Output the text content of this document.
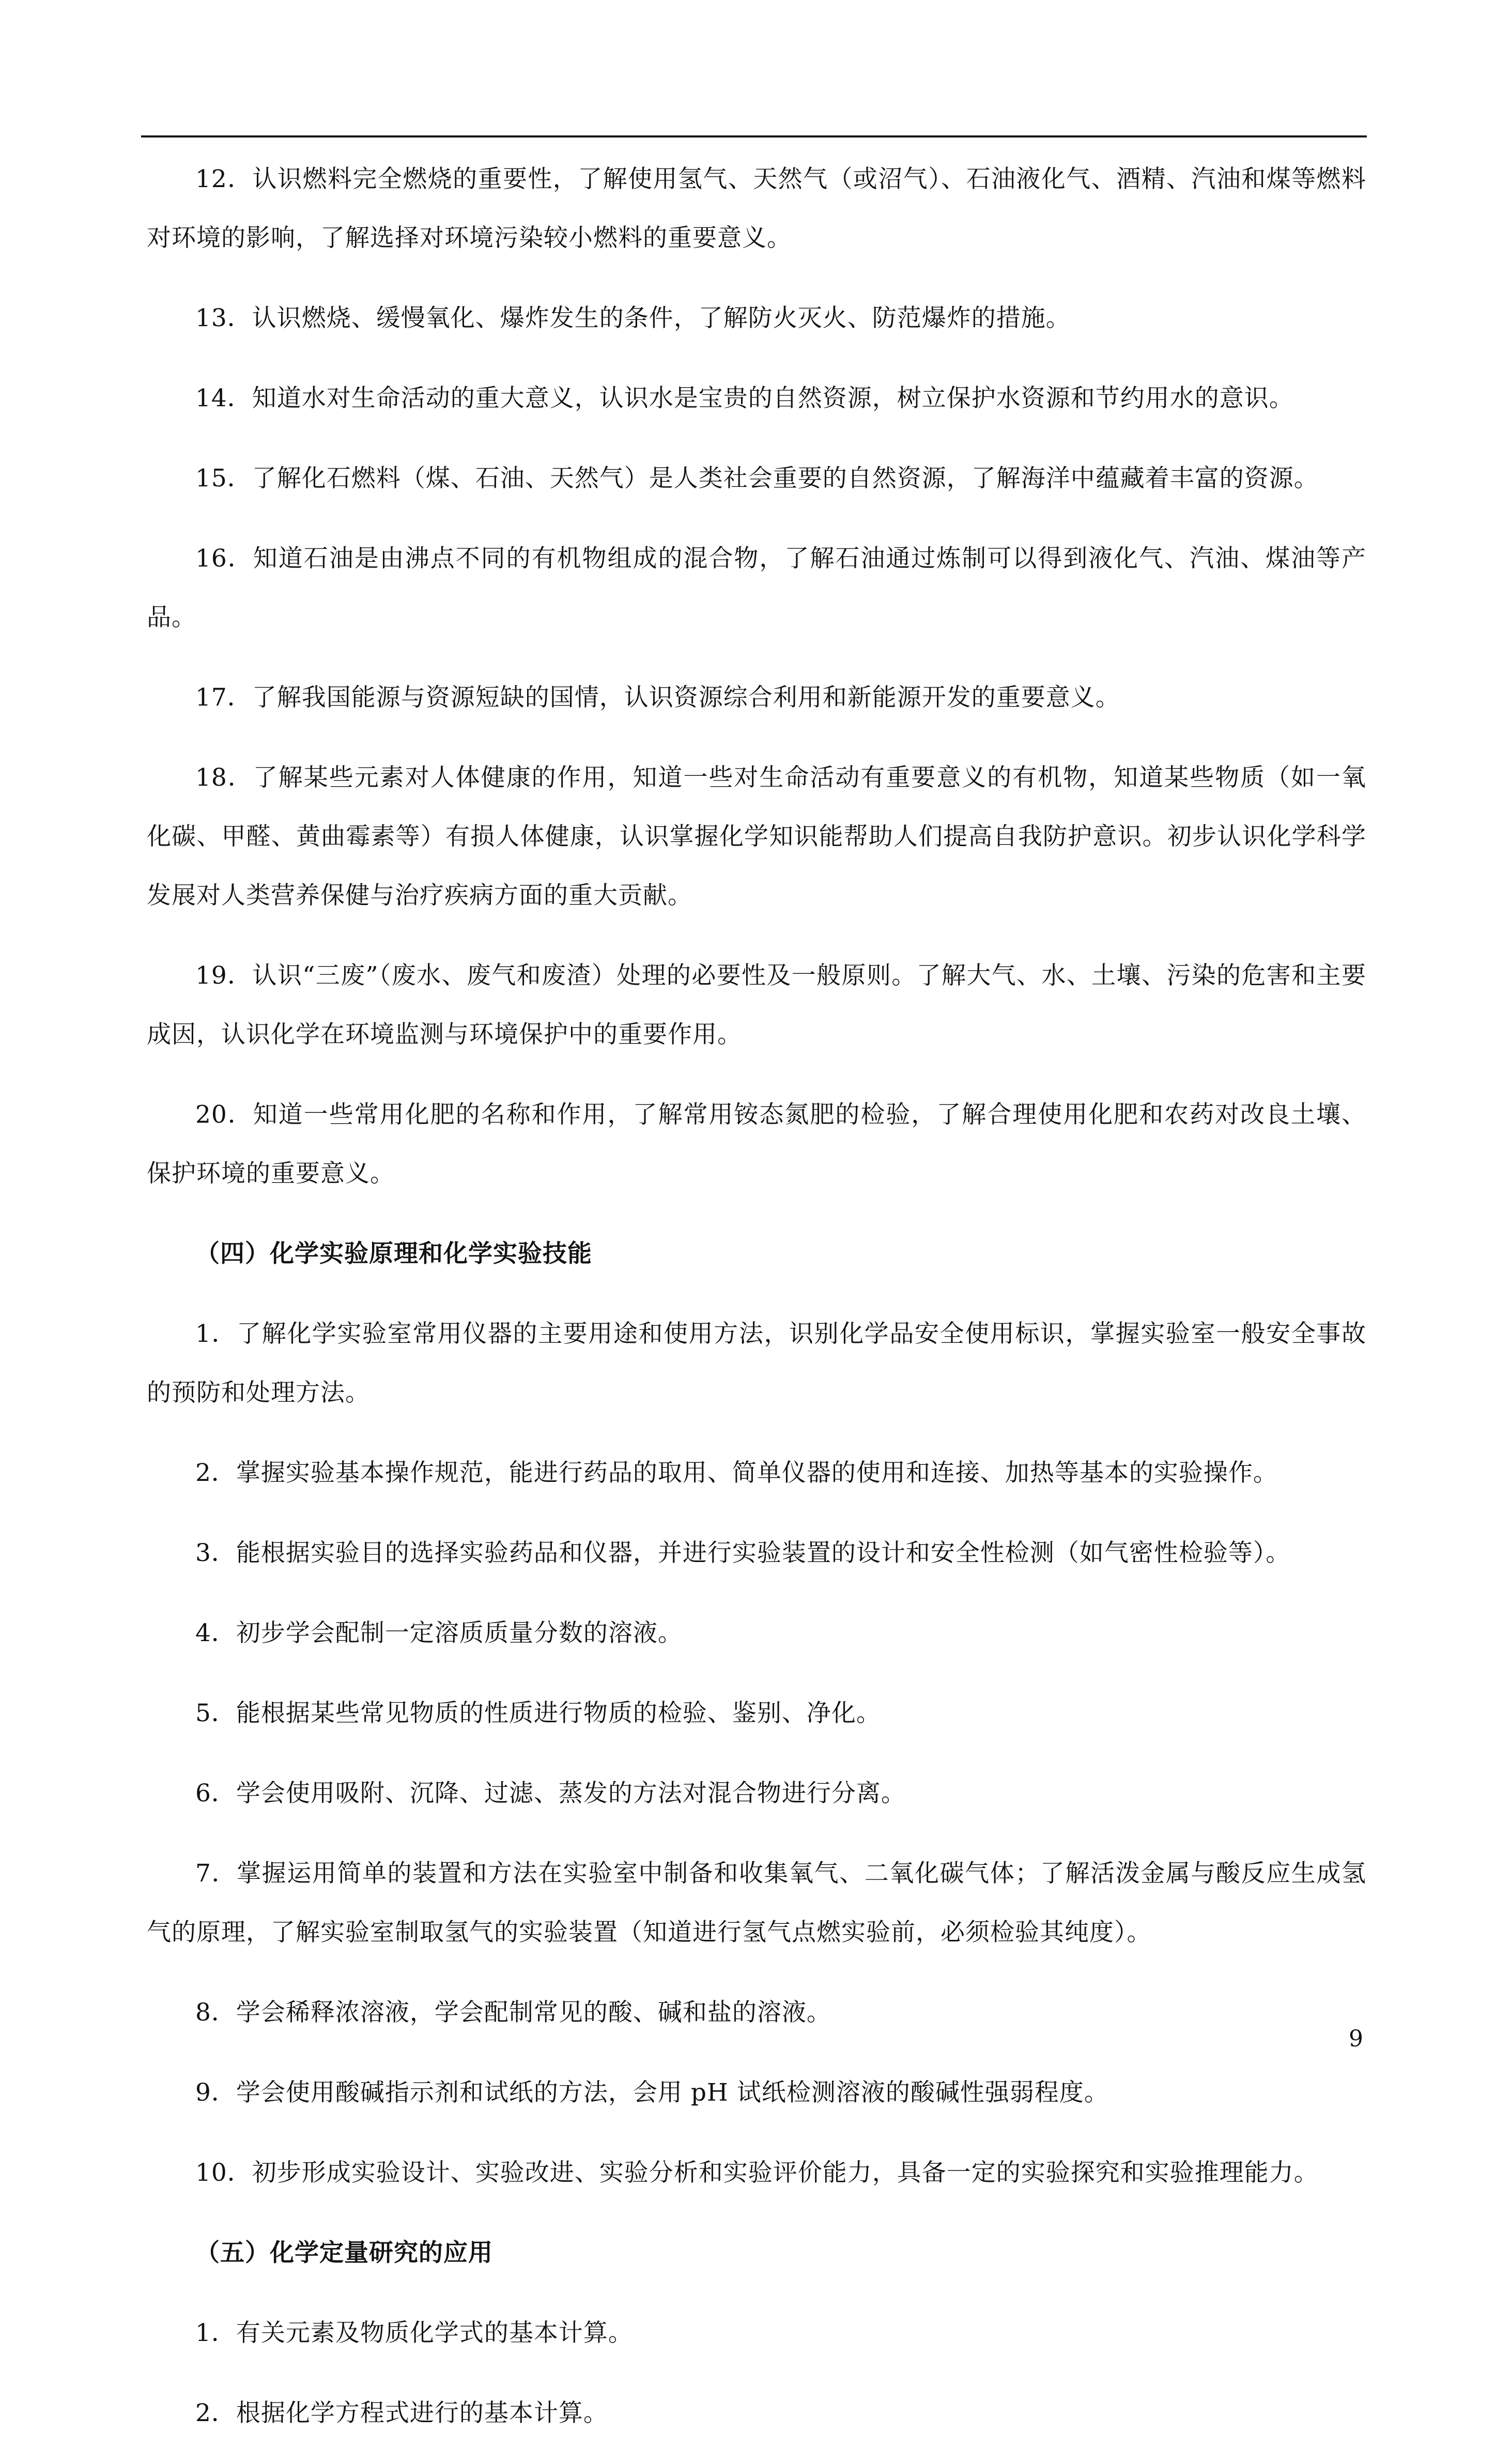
12．认识燃料完全燃烧的重要性，了解使用氢气、天然气（或沼气）、石油液化气、酒精、汽油和煤等燃料对环境的影响，了解选择对环境污染较小燃料的重要意义。

13．认识燃烧、缓慢氧化、爆炸发生的条件，了解防火灭火、防范爆炸的措施。

14．知道水对生命活动的重大意义，认识水是宝贵的自然资源，树立保护水资源和节约用水的意识。

15．了解化石燃料（煤、石油、天然气）是人类社会重要的自然资源，了解海洋中蕴藏着丰富的资源。

16．知道石油是由沸点不同的有机物组成的混合物，了解石油通过炼制可以得到液化气、汽油、煤油等产品。

17．了解我国能源与资源短缺的国情，认识资源综合利用和新能源开发的重要意义。

18．了解某些元素对人体健康的作用，知道一些对生命活动有重要意义的有机物，知道某些物质（如一氧化碳、甲醛、黄曲霉素等）有损人体健康，认识掌握化学知识能帮助人们提高自我防护意识。初步认识化学科学发展对人类营养保健与治疗疾病方面的重大贡献。

19．认识“三废”（废水、废气和废渣）处理的必要性及一般原则。了解大气、水、土壤、污染的危害和主要成因，认识化学在环境监测与环境保护中的重要作用。

20．知道一些常用化肥的名称和作用，了解常用铵态氮肥的检验，了解合理使用化肥和农药对改良土壤、保护环境的重要意义。

（四）化学实验原理和化学实验技能

1．了解化学实验室常用仪器的主要用途和使用方法，识别化学品安全使用标识，掌握实验室一般安全事故的预防和处理方法。

2．掌握实验基本操作规范，能进行药品的取用、简单仪器的使用和连接、加热等基本的实验操作。

3．能根据实验目的选择实验药品和仪器，并进行实验装置的设计和安全性检测（如气密性检验等）。

4．初步学会配制一定溶质质量分数的溶液。

5．能根据某些常见物质的性质进行物质的检验、鉴别、净化。

6．学会使用吸附、沉降、过滤、蒸发的方法对混合物进行分离。

7．掌握运用简单的装置和方法在实验室中制备和收集氧气、二氧化碳气体；了解活泼金属与酸反应生成氢气的原理，了解实验室制取氢气的实验装置（知道进行氢气点燃实验前，必须检验其纯度）。

8．学会稀释浓溶液，学会配制常见的酸、碱和盐的溶液。

9．学会使用酸碱指示剂和试纸的方法，会用 pH 试纸检测溶液的酸碱性强弱程度。

10．初步形成实验设计、实验改进、实验分析和实验评价能力，具备一定的实验探究和实验推理能力。

（五）化学定量研究的应用

1．有关元素及物质化学式的基本计算。

2．根据化学方程式进行的基本计算。

9
